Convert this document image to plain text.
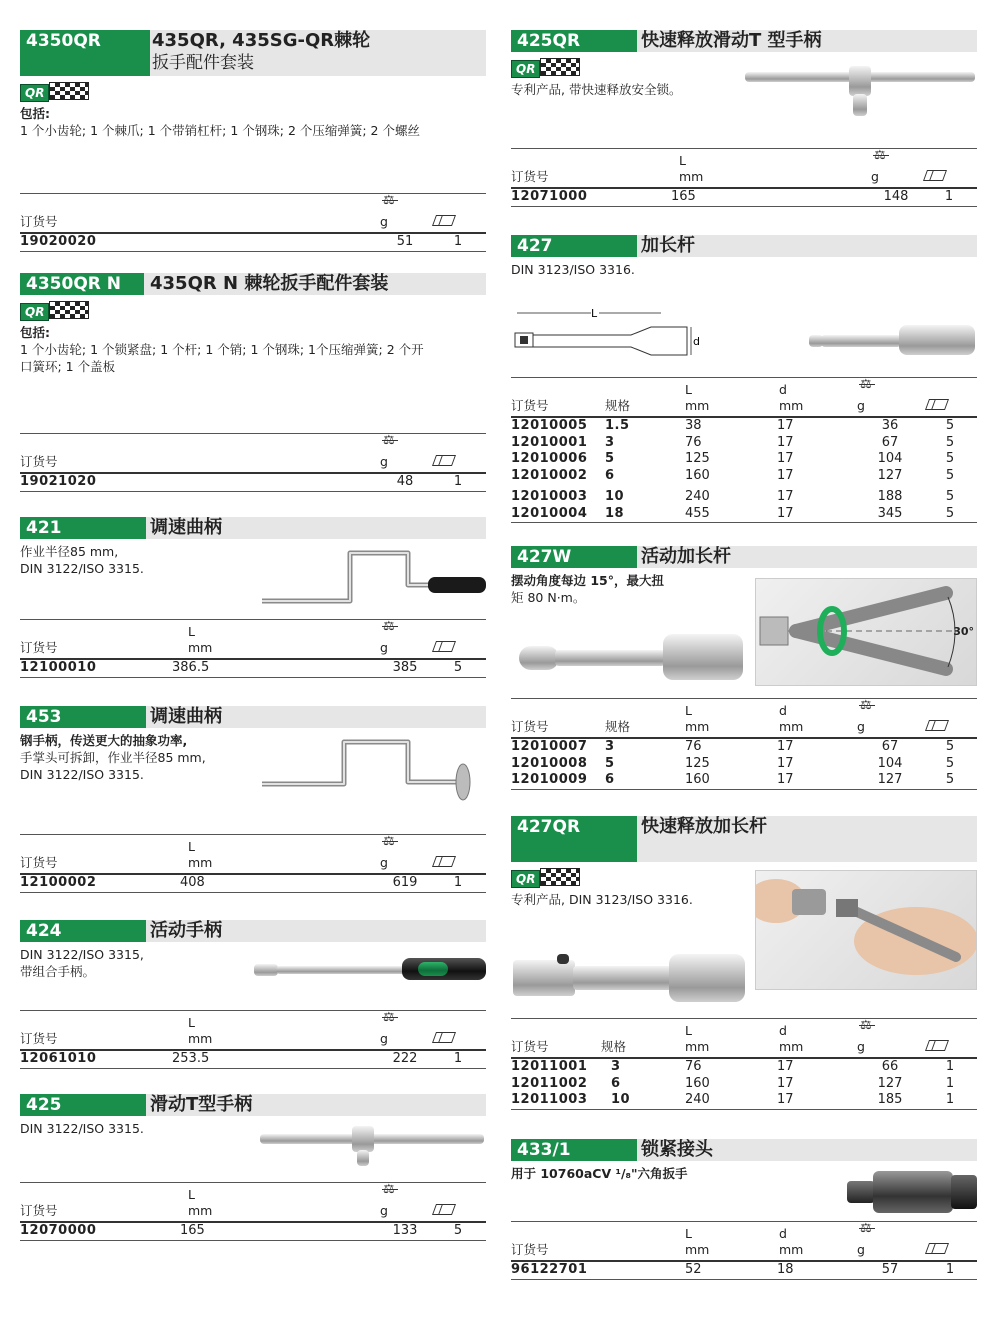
4350QR	435QR, 435SG-QR棘轮
扳手配件套装
QR
包括:
1 个小齿轮; 1 个棘爪; 1 个带销杠杆; 1 个钢珠; 2 个压缩弹簧; 2 个螺丝
订货号		⚖
g	
19020020		51	1
4350QR N	435QR N 棘轮扳手配件套装
QR
包括:
1 个小齿轮; 1 个锁紧盘; 1 个杆; 1 个销; 1 个钢珠; 1个压缩弹簧; 2 个开
口簧环; 1 个盖板
订货号		⚖
g	
19021020		48	1
421	调速曲柄
作业半径85 mm,
DIN 3122/ISO 3315.
订货号	L
mm	⚖
g	
12100010	386.5	385	5
453	调速曲柄
钢手柄，传送更大的抽象功率,
手掌头可拆卸，作业半径85 mm,
DIN 3122/ISO 3315.
订货号	L
mm	⚖
g	
12100002	408	619	1
424	活动手柄
DIN 3122/ISO 3315,
带组合手柄。
订货号	L
mm	⚖
g	
12061010	253.5	222	1
425	滑动T型手柄
DIN 3122/ISO 3315.
订货号	L
mm	⚖
g	
12070000	165	133	5
425QR	快速释放滑动T 型手柄
QR
专利产品, 带快速释放安全锁。
订货号	L
mm	⚖
g	
12071000	165	148	1
427	加长杆
DIN 3123/ISO 3316.
L
d
订货号	规格	L
mm	d
mm	⚖
g	
12010005	1.5	38	17	36	5
12010001	3	76	17	67	5
12010006	5	125	17	104	5
12010002	6	160	17	127	5
12010003	10	240	17	188	5
12010004	18	455	17	345	5
427W	活动加长杆
摆动角度每边 15°，最大扭
矩 80 N·m。
30°
订货号	规格	L
mm	d
mm	⚖
g	
12010007	3	76	17	67	5
12010008	5	125	17	104	5
12010009	6	160	17	127	5
427QR	快速释放加长杆
QR
专利产品, DIN 3123/ISO 3316.
订货号	规格	L
mm	d
mm	⚖
g	
12011001	3	76	17	66	1
12011002	6	160	17	127	1
12011003	10	240	17	185	1
433/1	锁紧接头
用于 10760aCV ¹/₈"六角扳手
订货号	L
mm	d
mm	⚖
g	
96122701	52	18	57	1
